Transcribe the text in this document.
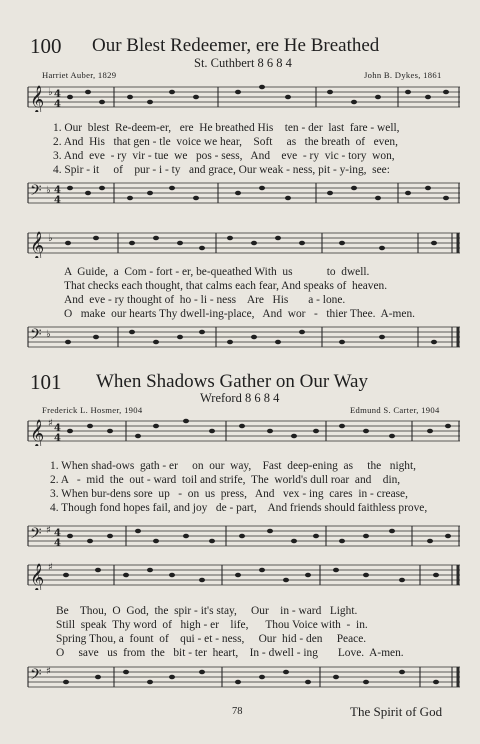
100 Our Blest Redeemer, ere He Breathed
St. Cuthbert 8 6 8 4
Harriet Auber, 1829	John B. Dykes, 1861
𝄞 ♭ 4
4
1. Our  blest  Re-deem-er,   ere  He breathed His    ten - der  last  fare - well,
2. And  His   that gen - tle  voice we hear,    Soft     as   the breath  of   even,
3. And  eve  - ry  vir - tue  we   pos - sess,   And    eve  - ry  vic - tory  won,
4. Spir - it     of    pur - i - ty   and grace, Our weak - ness, pit - y-ing,  see:
𝄢 ♭ 4
4
𝄞 ♭
A  Guide,  a  Com - fort - er, be-queathed With  us            to  dwell.
That checks each thought, that calms each fear, And speaks of  heaven.
And  eve - ry thought of  ho - li - ness    Are   His       a - lone.
O   make  our hearts Thy dwell-ing-place,   And  wor   -   thier Thee.  A-men.
𝄢 ♭
101 When Shadows Gather on Our Way
Wreford 8 6 8 4
Frederick L. Hosmer, 1904	Edmund S. Carter, 1904
𝄞 ♯ 4
4
1. When shad-ows  gath - er     on  our  way,    Fast  deep-ening  as     the   night,
2. A   -  mid  the  out - ward  toil and strife,  The  world's dull roar  and    din,
3. When bur-dens sore  up   -  on  us  press,   And   vex - ing  cares  in - crease,
4. Though fond hopes fail, and joy   de - part,    And friends should faithless prove,
𝄢 ♯ 4
4
𝄞 ♯
Be    Thou,  O  God,  the  spir - it's stay,     Our    in - ward   Light.
Still  speak  Thy word  of   high - er    life,      Thou Voice with  -  in.
Spring Thou, a  fount  of    qui - et - ness,     Our  hid - den     Peace.
O     save   us  from  the   bit - ter  heart,    In - dwell - ing       Love.  A-men.
𝄢 ♯
78	The Spirit of God
